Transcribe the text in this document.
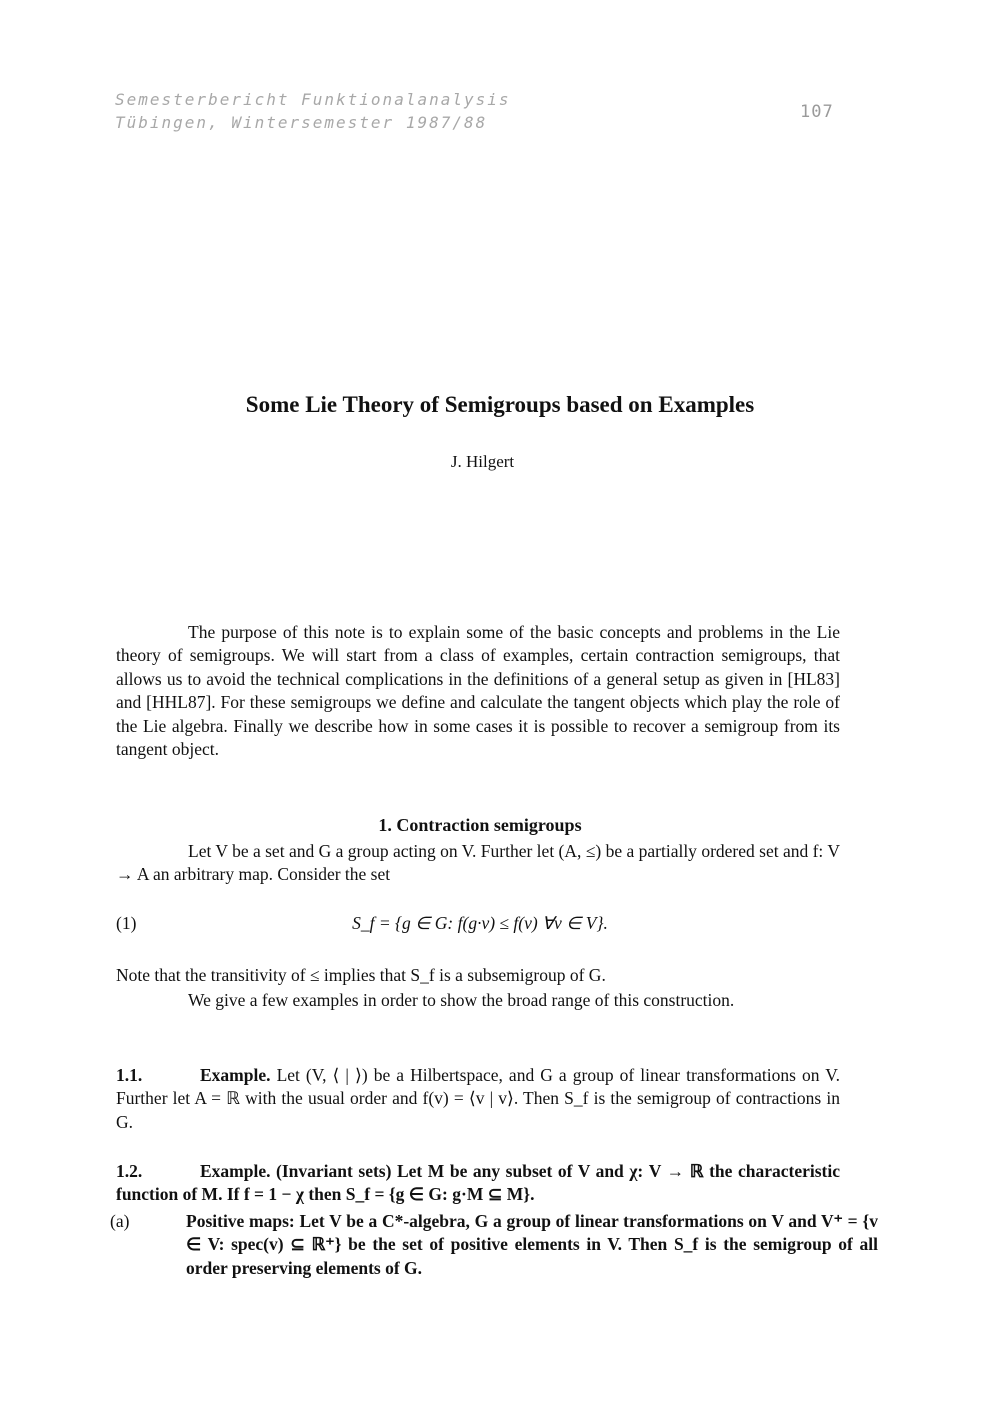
Semesterbericht Funktionalanalysis
Tübingen, Wintersemester 1987/88
107
Some Lie Theory of Semigroups based on Examples
J. Hilgert

The purpose of this note is to explain some of the basic concepts and problems in the Lie theory of semigroups. We will start from a class of examples, certain contraction semigroups, that allows us to avoid the technical complications in the definitions of a general setup as given in [HL83] and [HHL87]. For these semigroups we define and calculate the tangent objects which play the role of the Lie algebra. Finally we describe how in some cases it is possible to recover a semigroup from its tangent object.

1. Contraction semigroups

Let V be a set and G a group acting on V. Further let (A, ≤) be a partially ordered set and f: V → A an arbitrary map. Consider the set

(1)	S_f = {g ∈ G: f(g·v) ≤ f(v) ∀v ∈ V}.

Note that the transitivity of ≤ implies that S_f is a subsemigroup of G.

We give a few examples in order to show the broad range of this construction.

1.1.	Example. Let (V, ⟨ | ⟩) be a Hilbertspace, and G a group of linear transformations on V. Further let A = ℝ with the usual order and f(v) = ⟨v | v⟩. Then S_f is the semigroup of contractions in G.

1.2.	Example. (Invariant sets) Let M be any subset of V and χ: V → ℝ the characteristic function of M. If f = 1 − χ then S_f = {g ∈ G: g·M ⊆ M}.

(a)	Positive maps: Let V be a C*-algebra, G a group of linear transformations on V and V⁺ = {v ∈ V: spec(v) ⊆ ℝ⁺} be the set of positive elements in V. Then S_f is the semigroup of all order preserving elements of G.
